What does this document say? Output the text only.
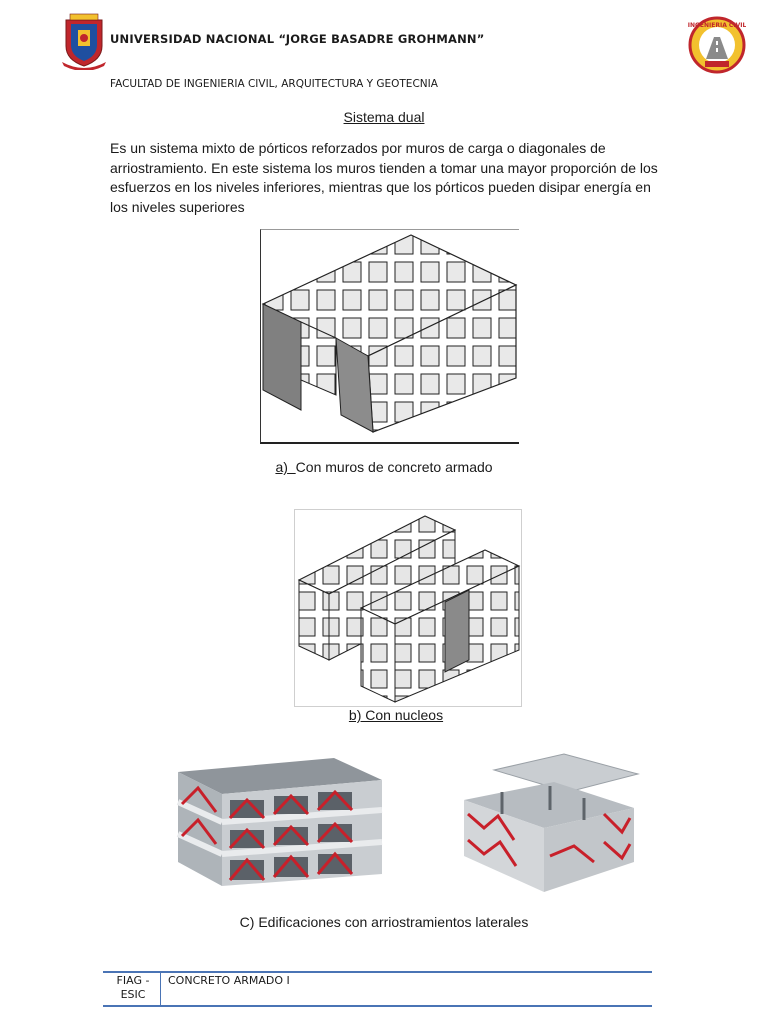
UNIVERSIDAD NACIONAL “JORGE BASADRE GROHMANN”
FACULTAD DE INGENIERIA CIVIL, ARQUITECTURA Y GEOTECNIA
INGENIERIA CIVIL
Sistema dual
Es un sistema mixto de pórticos reforzados por muros de carga o diagonales de arriostramiento. En este sistema los muros tienden a tomar una mayor proporción de los esfuerzos en los niveles inferiores, mientras que los pórticos pueden disipar energía en los niveles superiores
a) Con muros de concreto armado
b) Con nucleos
C) Edificaciones con arriostramientos laterales
FIAG -
ESIC
CONCRETO ARMADO I
